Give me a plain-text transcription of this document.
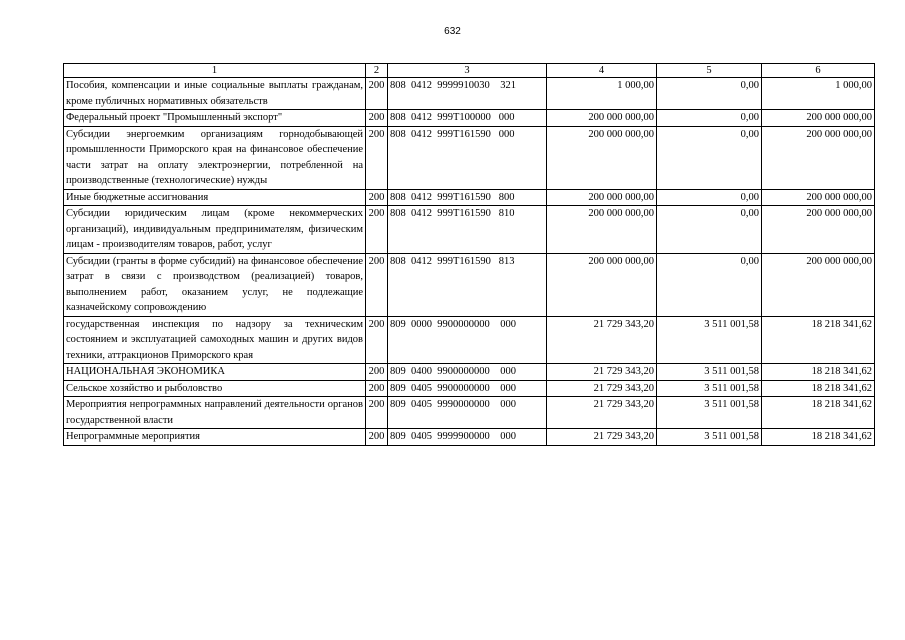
632
1	2	3	4	5	6
Пособия, компенсации и иные социальные выплаты гражданам, кроме публичных нормативных обязательств	200	808  0412  9999910030    321	1 000,00	0,00	1 000,00
Федеральный проект "Промышленный экспорт"	200	808  0412  999T100000   000	200 000 000,00	0,00	200 000 000,00
Субсидии энергоемким организациям горнодобывающей промышленности Приморского края на финансовое обеспечение части затрат на оплату электроэнергии, потребленной на производственные (технологические) нужды	200	808  0412  999T161590   000	200 000 000,00	0,00	200 000 000,00
Иные бюджетные ассигнования	200	808  0412  999T161590   800	200 000 000,00	0,00	200 000 000,00
Субсидии юридическим лицам (кроме некоммерческих организаций), индивидуальным предпринимателям, физическим лицам - производителям товаров, работ, услуг	200	808  0412  999T161590   810	200 000 000,00	0,00	200 000 000,00
Субсидии (гранты в форме субсидий) на финансовое обеспечение затрат в связи с производством (реализацией) товаров, выполнением работ, оказанием услуг, не подлежащие казначейскому сопровождению	200	808  0412  999T161590   813	200 000 000,00	0,00	200 000 000,00
государственная инспекция по надзору за техническим состоянием и эксплуатацией самоходных машин и других видов техники, аттракционов Приморского края	200	809  0000  9900000000    000	21 729 343,20	3 511 001,58	18 218 341,62
НАЦИОНАЛЬНАЯ ЭКОНОМИКА	200	809  0400  9900000000    000	21 729 343,20	3 511 001,58	18 218 341,62
Сельское хозяйство и рыболовство	200	809  0405  9900000000    000	21 729 343,20	3 511 001,58	18 218 341,62
Мероприятия непрограммных направлений деятельности органов государственной власти	200	809  0405  9990000000    000	21 729 343,20	3 511 001,58	18 218 341,62
Непрограммные мероприятия	200	809  0405  9999900000    000	21 729 343,20	3 511 001,58	18 218 341,62
